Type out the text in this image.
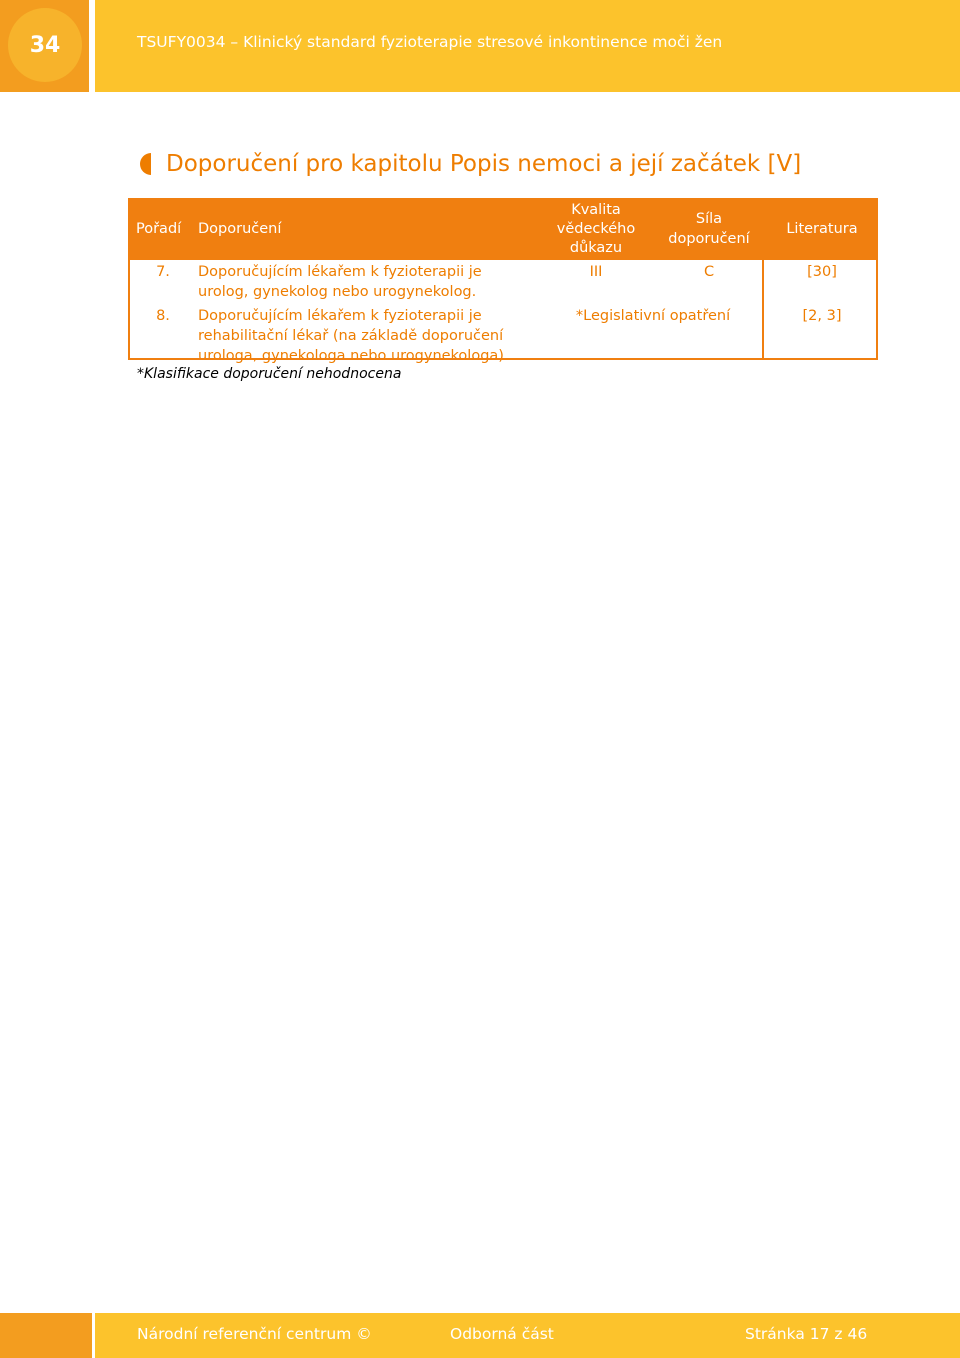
34	TSUFY0034 – Klinický standard fyzioterapie stresové inkontinence moči žen
Doporučení pro kapitolu Popis nemoci a její začátek [V]
Pořadí	Doporučení	Kvalita vědeckého důkazu	Síla doporučení	Literatura
7.	Doporučujícím lékařem k fyzioterapii je urolog, gynekolog nebo urogynekolog.	III	C	[30]
8.	Doporučujícím lékařem k fyzioterapii je rehabilitační lékař (na základě doporučení urologa, gynekologa nebo urogynekologa).	*Legislativní opatření		[2, 3]
*Klasifikace doporučení nehodnocena
Národní referenční centrum ©	Odborná část	Stránka 17 z 46
